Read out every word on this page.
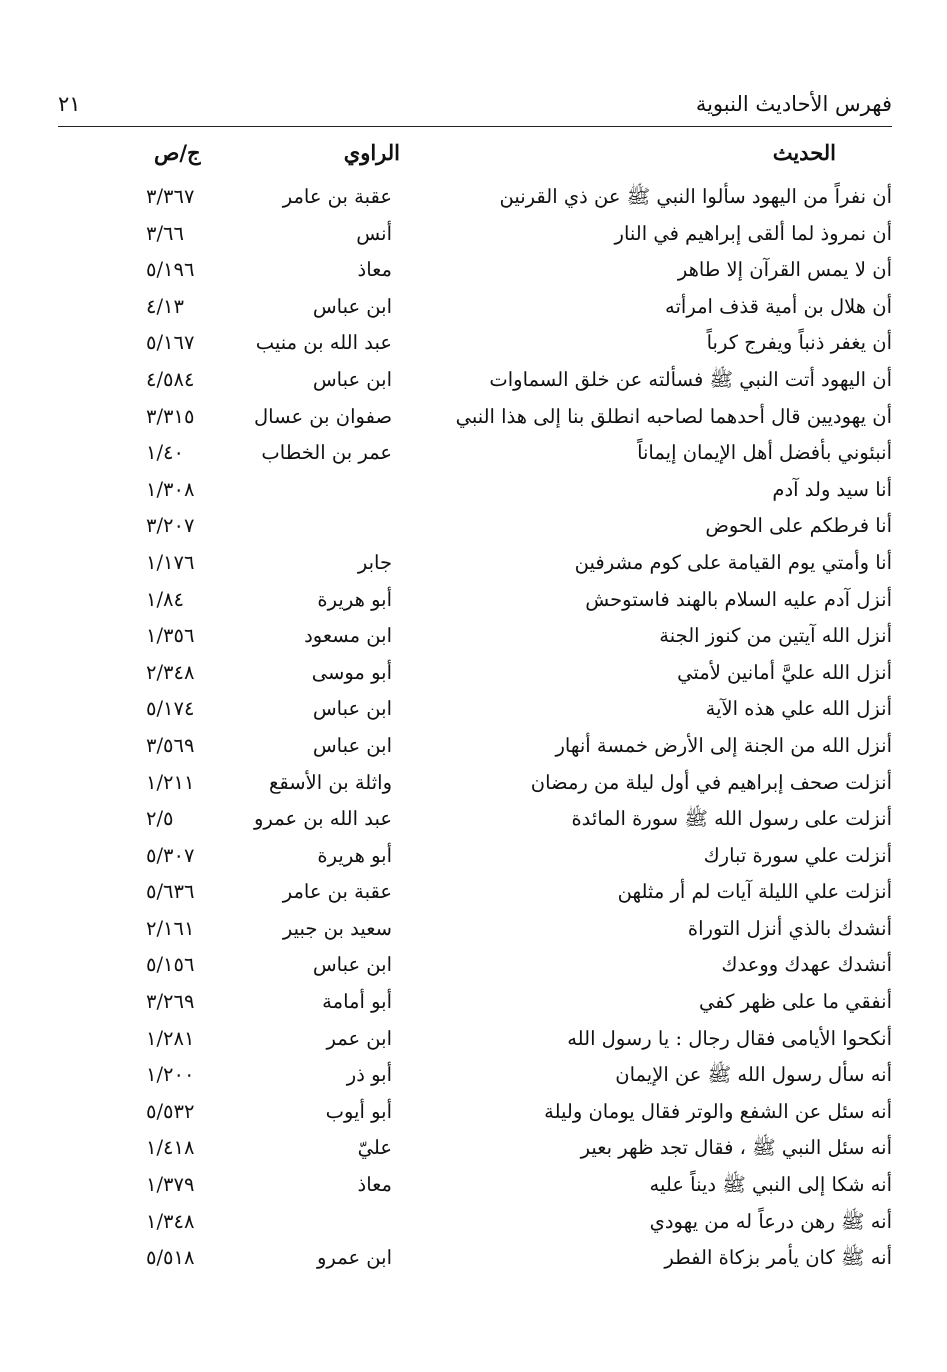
فهرس الأحاديث النبوية
٢١
الحديث
الراوي
ج/ص
أن نفراً من اليهود سألوا النبي ﷺ عن ذي القرنين
عقبة بن عامر
٣/٣٦٧
أن نمروذ لما ألقى إبراهيم في النار
أنس
٣/٦٦
أن لا يمس القرآن إلا طاهر
معاذ
٥/١٩٦
أن هلال بن أمية قذف امرأته
ابن عباس
٤/١٣
أن يغفر ذنباً ويفرج كرباً
عبد الله بن منيب
٥/١٦٧
أن اليهود أتت النبي ﷺ فسألته عن خلق السماوات
ابن عباس
٤/٥٨٤
أن يهوديين قال أحدهما لصاحبه انطلق بنا إلى هذا النبي
صفوان بن عسال
٣/٣١٥
أنبئوني بأفضل أهل الإيمان إيماناً
عمر بن الخطاب
١/٤٠
أنا سيد ولد آدم
١/٣٠٨
أنا فرطكم على الحوض
٣/٢٠٧
أنا وأمتي يوم القيامة على كوم مشرفين
جابر
١/١٧٦
أنزل آدم عليه السلام بالهند فاستوحش
أبو هريرة
١/٨٤
أنزل الله آيتين من كنوز الجنة
ابن مسعود
١/٣٥٦
أنزل الله عليَّ أمانين لأمتي
أبو موسى
٢/٣٤٨
أنزل الله علي هذه الآية
ابن عباس
٥/١٧٤
أنزل الله من الجنة إلى الأرض خمسة أنهار
ابن عباس
٣/٥٦٩
أنزلت صحف إبراهيم في أول ليلة من رمضان
واثلة بن الأسقع
١/٢١١
أنزلت على رسول الله ﷺ سورة المائدة
عبد الله بن عمرو
٢/٥
أنزلت علي سورة تبارك
أبو هريرة
٥/٣٠٧
أنزلت علي الليلة آيات لم أر مثلهن
عقبة بن عامر
٥/٦٣٦
أنشدك بالذي أنزل التوراة
سعيد بن جبير
٢/١٦١
أنشدك عهدك ووعدك
ابن عباس
٥/١٥٦
أنفقي ما على ظهر كفي
أبو أمامة
٣/٢٦٩
أنكحوا الأيامى فقال رجال : يا رسول الله
ابن عمر
١/٢٨١
أنه سأل رسول الله ﷺ عن الإيمان
أبو ذر
١/٢٠٠
أنه سئل عن الشفع والوتر فقال يومان وليلة
أبو أيوب
٥/٥٣٢
أنه سئل النبي ﷺ ، فقال تجد ظهر بعير
عليّ
١/٤١٨
أنه شكا إلى النبي ﷺ ديناً عليه
معاذ
١/٣٧٩
أنه ﷺ رهن درعاً له من يهودي
١/٣٤٨
أنه ﷺ كان يأمر بزكاة الفطر
ابن عمرو
٥/٥١٨
